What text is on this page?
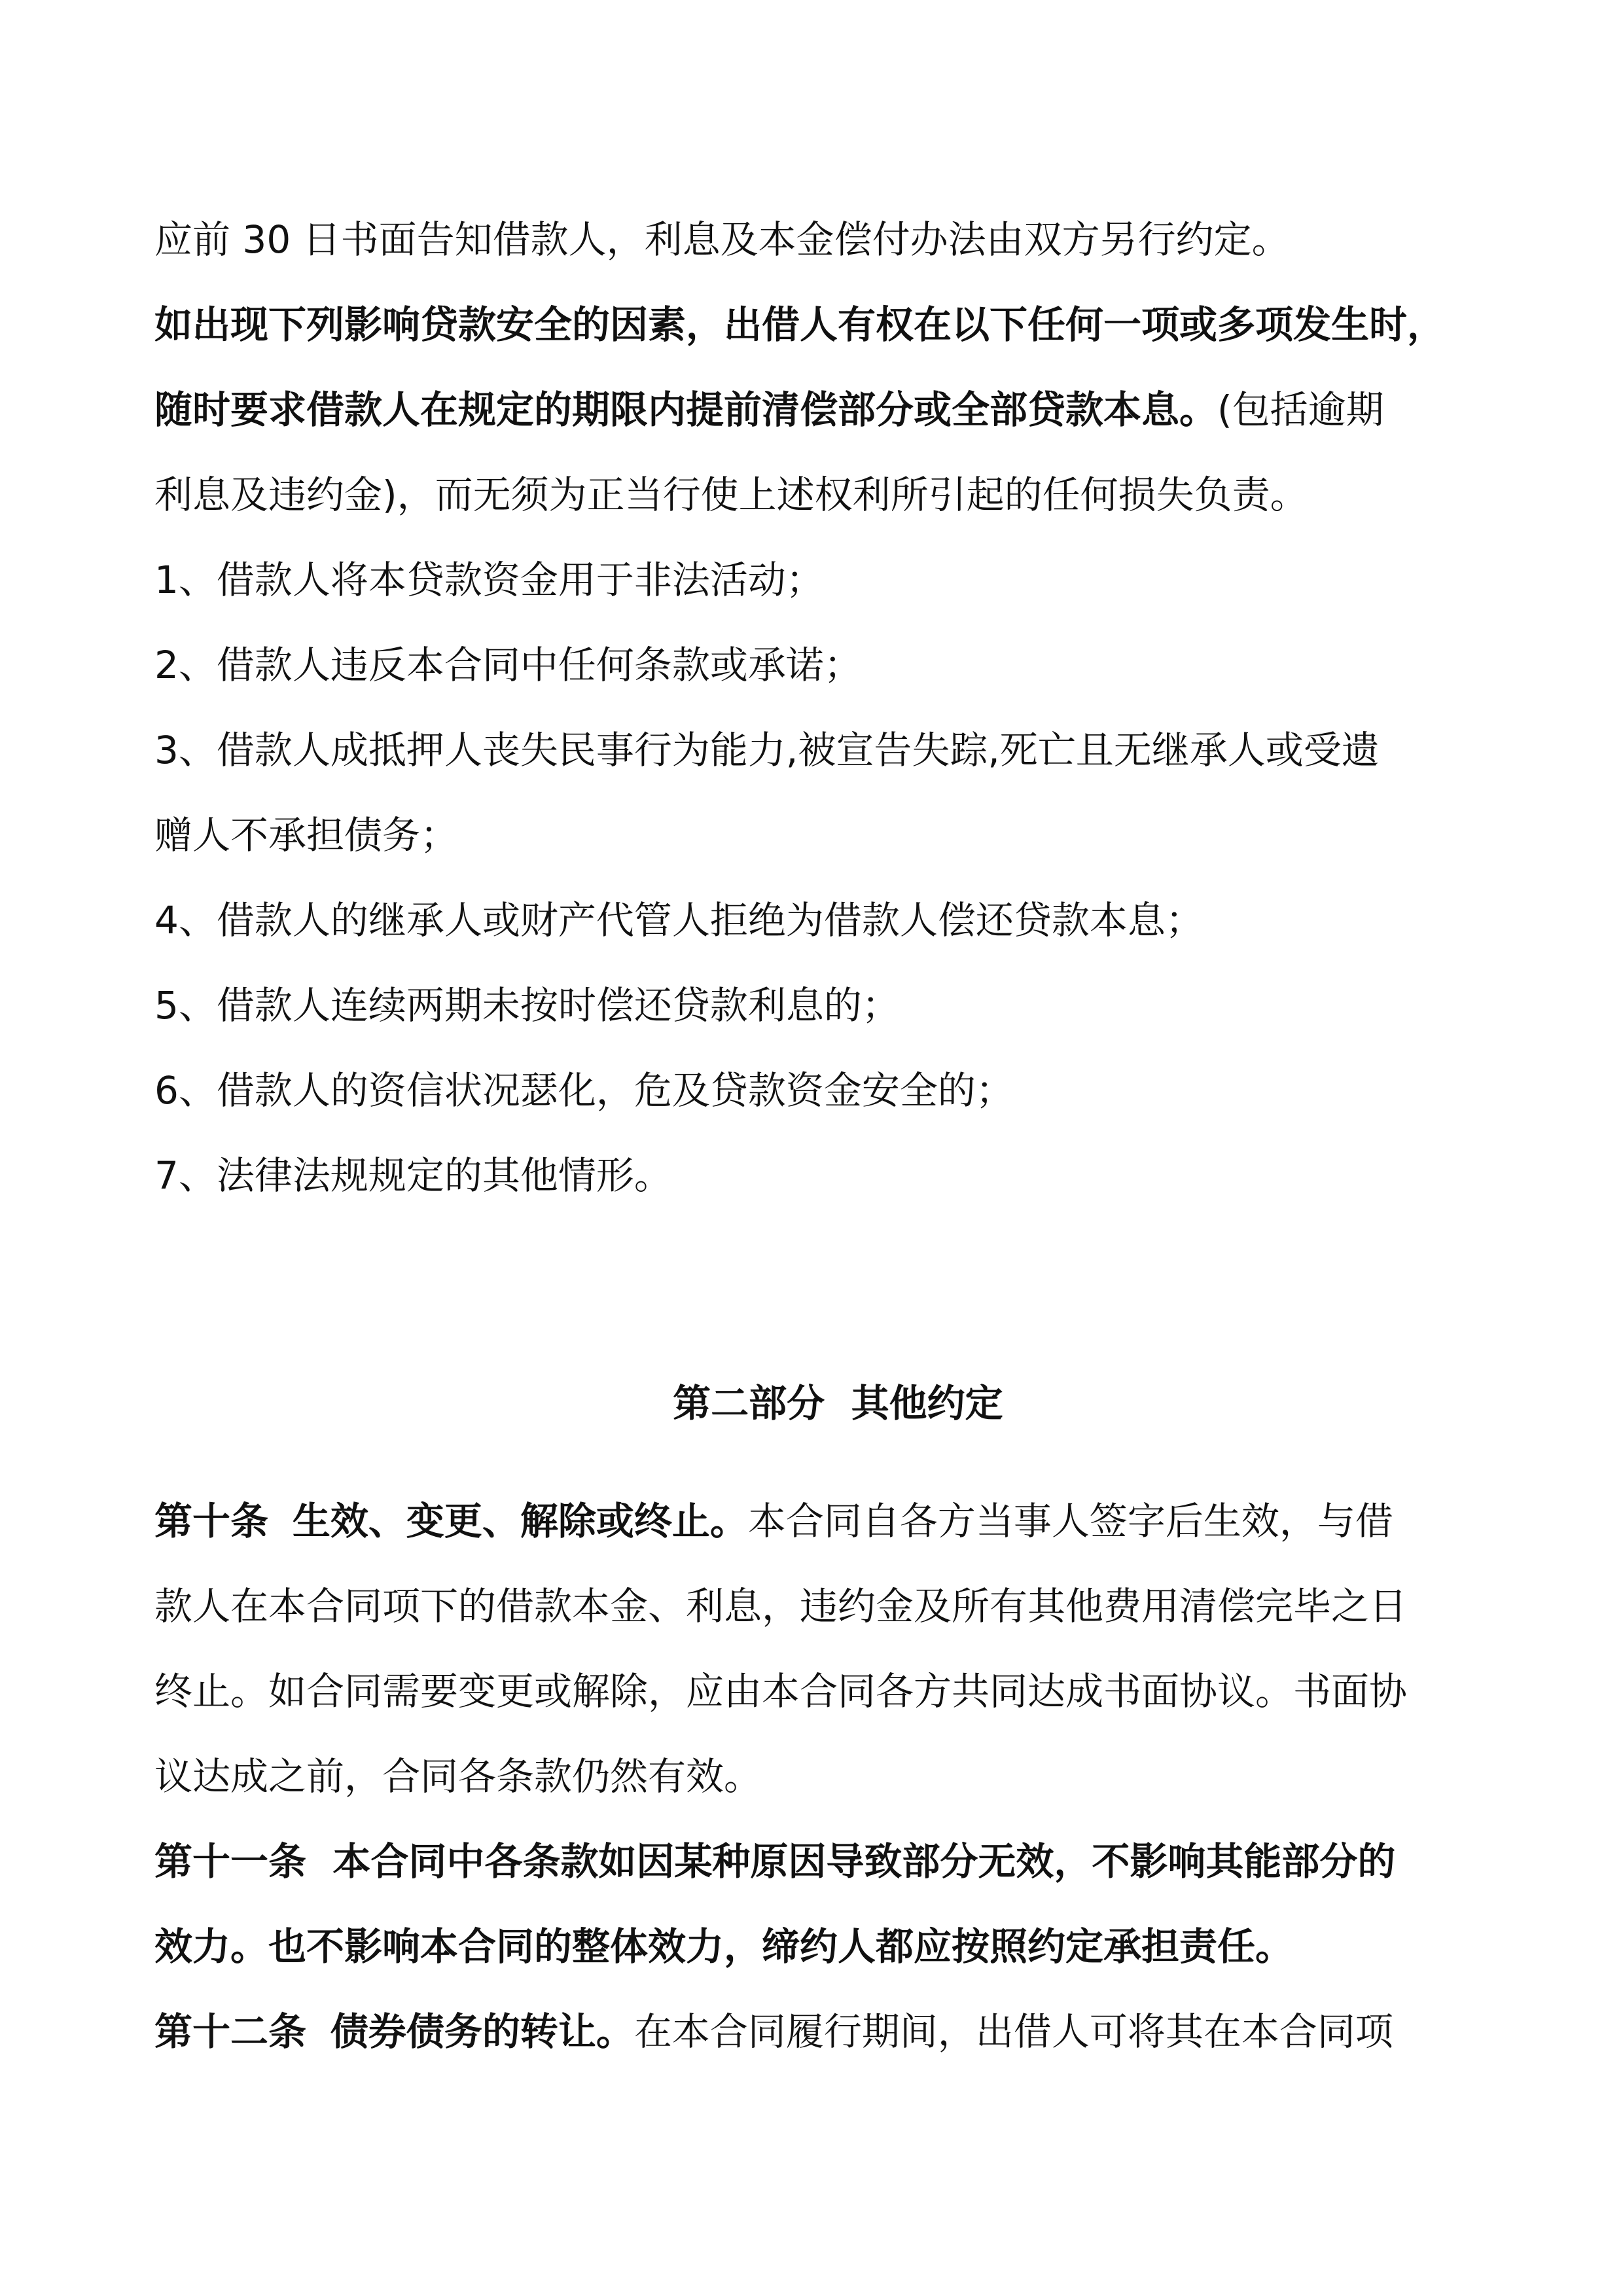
应前 30 日书面告知借款人，利息及本金偿付办法由双方另行约定。
如出现下列影响贷款安全的因素，出借人有权在以下任何一项或多项发生时，
随时要求借款人在规定的期限内提前清偿部分或全部贷款本息。(包括逾期
利息及违约金)，而无须为正当行使上述权利所引起的任何损失负责。
1、借款人将本贷款资金用于非法活动；
2、借款人违反本合同中任何条款或承诺；
3、借款人成抵押人丧失民事行为能力,被宣告失踪,死亡且无继承人或受遗
赠人不承担债务；
4、借款人的继承人或财产代管人拒绝为借款人偿还贷款本息；
5、借款人连续两期未按时偿还贷款利息的；
6、借款人的资信状况瑟化，危及贷款资金安全的；
7、法律法规规定的其他情形。

第二部分 其他约定

第十条 生效、变更、解除或终止。本合同自各方当事人签字后生效，与借
款人在本合同项下的借款本金、利息，违约金及所有其他费用清偿完毕之日
终止。如合同需要变更或解除，应由本合同各方共同达成书面协议。书面协
议达成之前，合同各条款仍然有效。
第十一条 本合同中各条款如因某种原因导致部分无效，不影响其能部分的
效力。也不影响本合同的整体效力，缔约人都应按照约定承担责任。
第十二条 债券债务的转让。在本合同履行期间，出借人可将其在本合同项
